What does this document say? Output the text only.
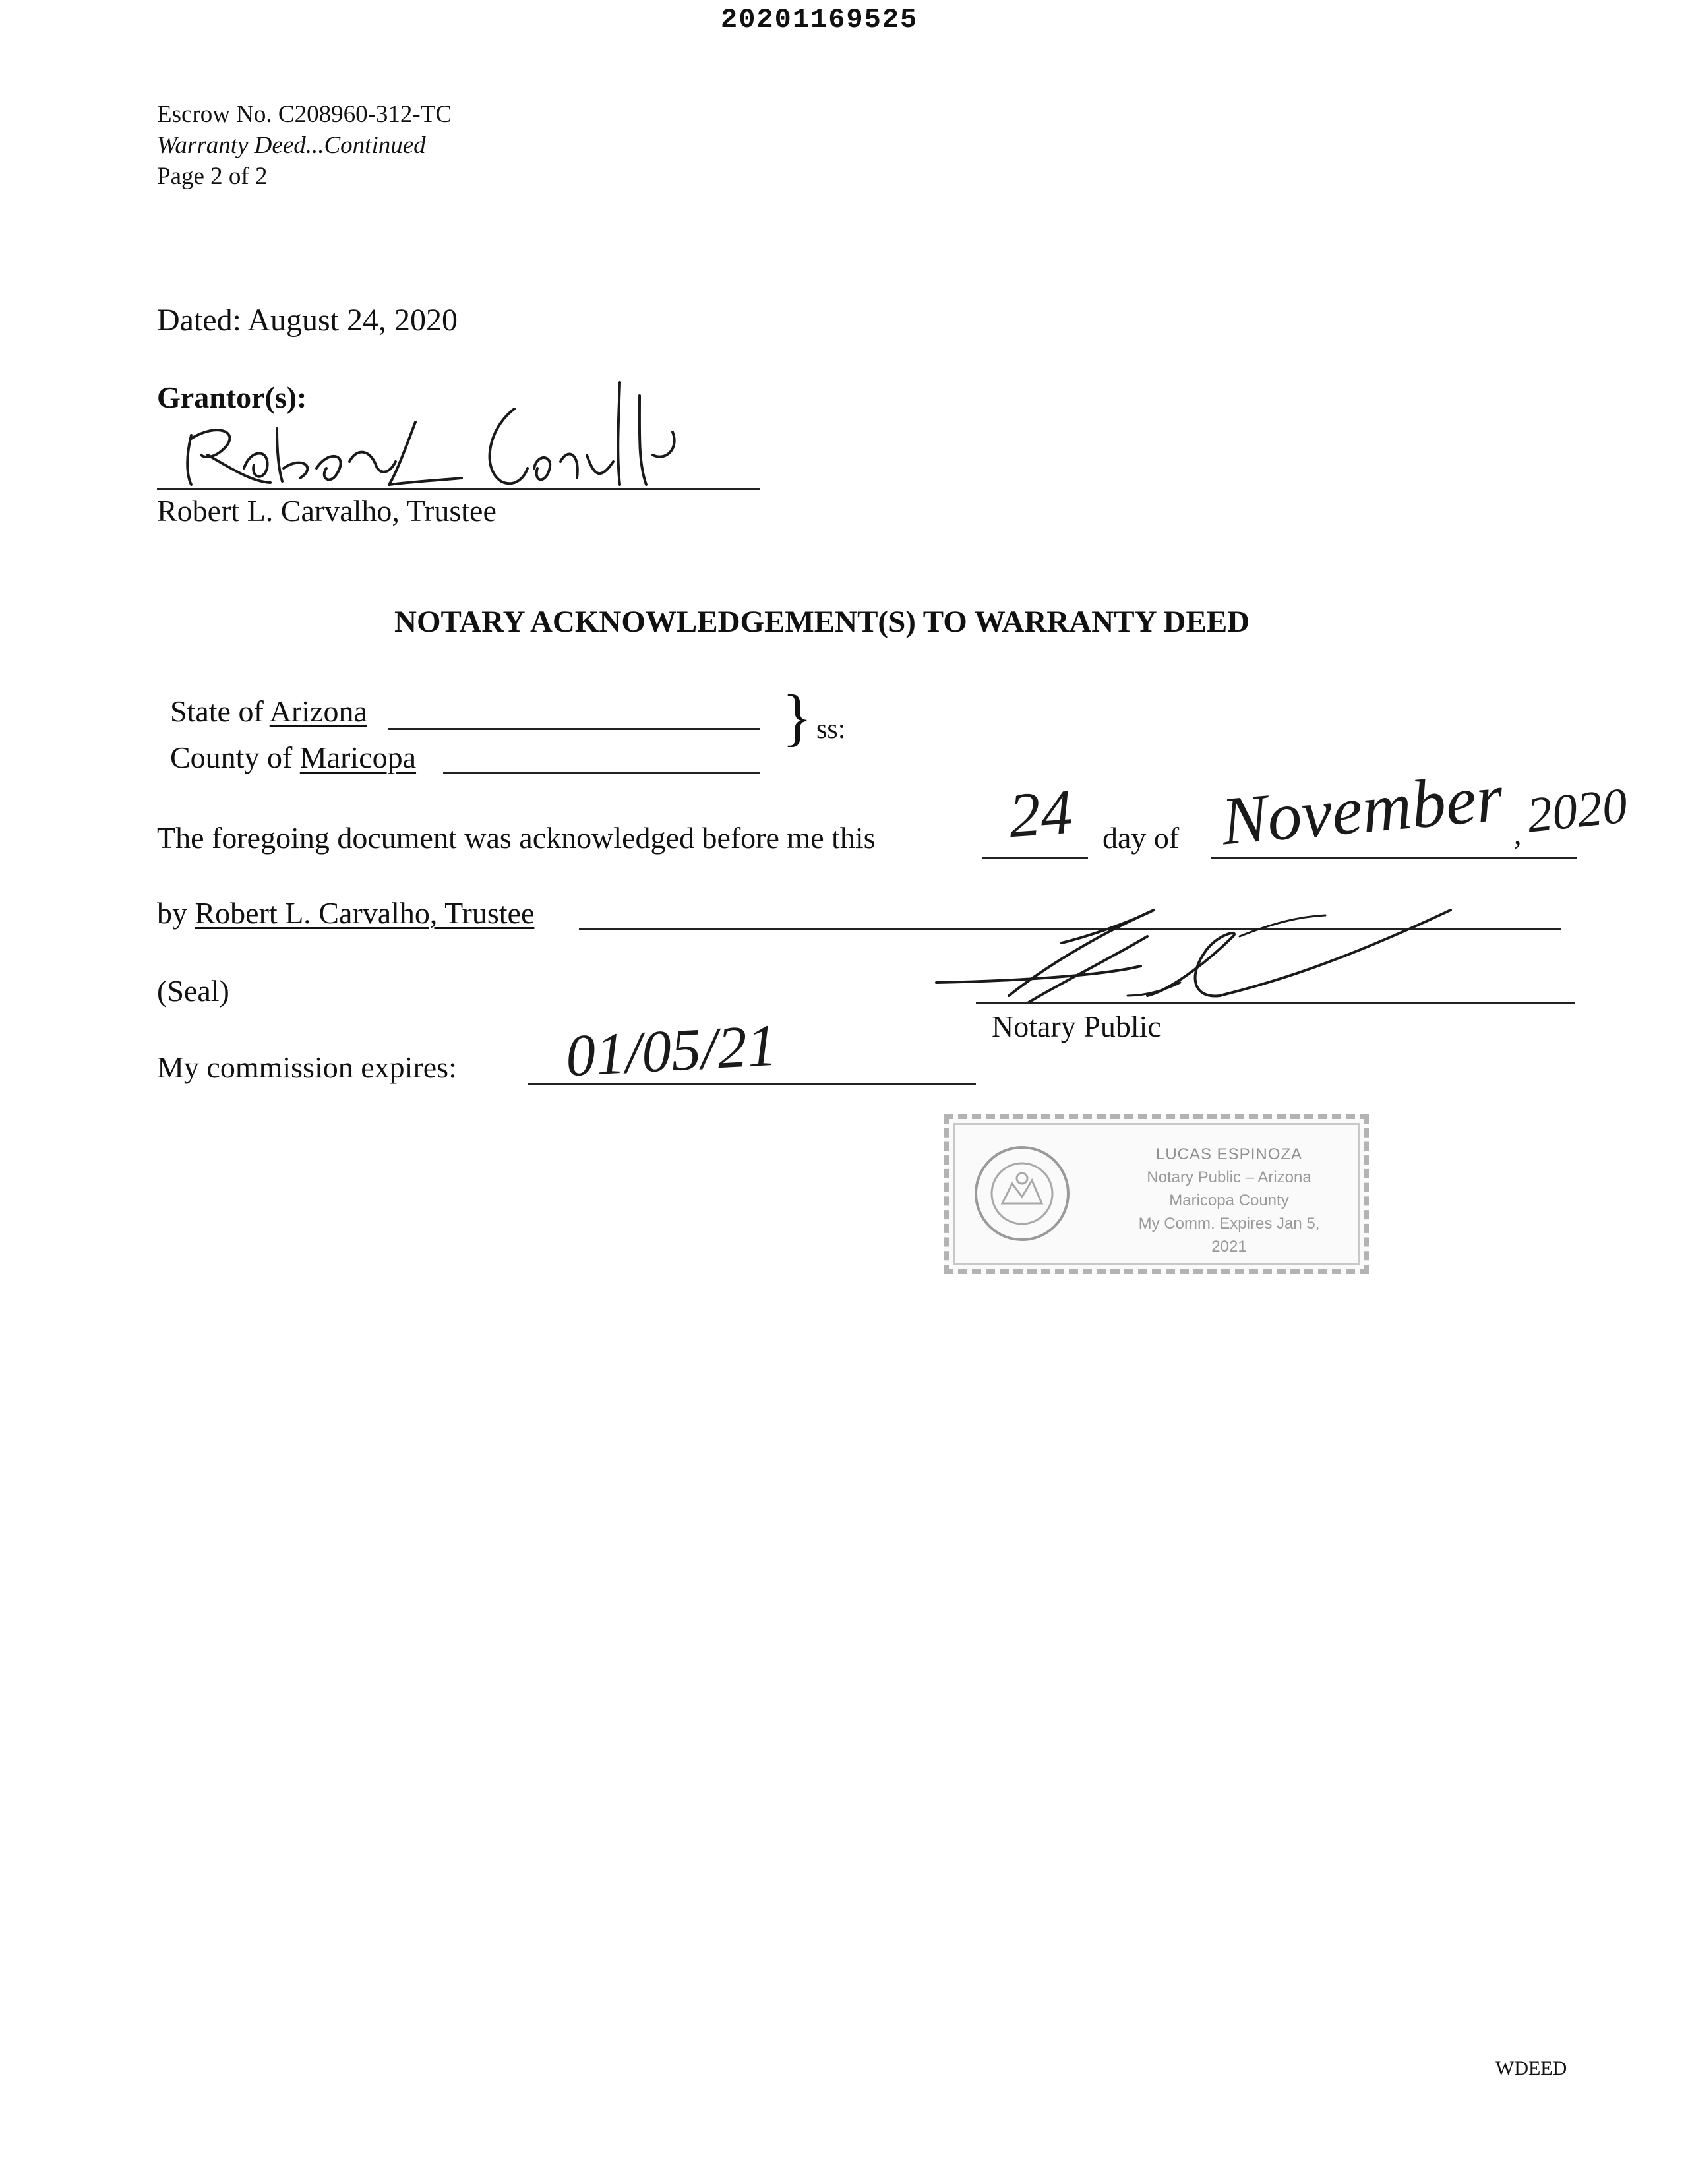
20201169525
Escrow No. C208960-312-TC
Warranty Deed...Continued
Page 2 of 2
Dated: August 24, 2020
Grantor(s):
Robert L. Carvalho, Trustee
NOTARY ACKNOWLEDGEMENT(S) TO WARRANTY DEED
State of Arizona
County of Maricopa
} ss:
The foregoing document was acknowledged before me this 24 day of November , 2020
by Robert L. Carvalho, Trustee
(Seal)
Notary Public
My commission expires: 01/05/21
LUCAS ESPINOZA
Notary Public – Arizona
Maricopa County
My Comm. Expires Jan 5, 2021
WDEED
